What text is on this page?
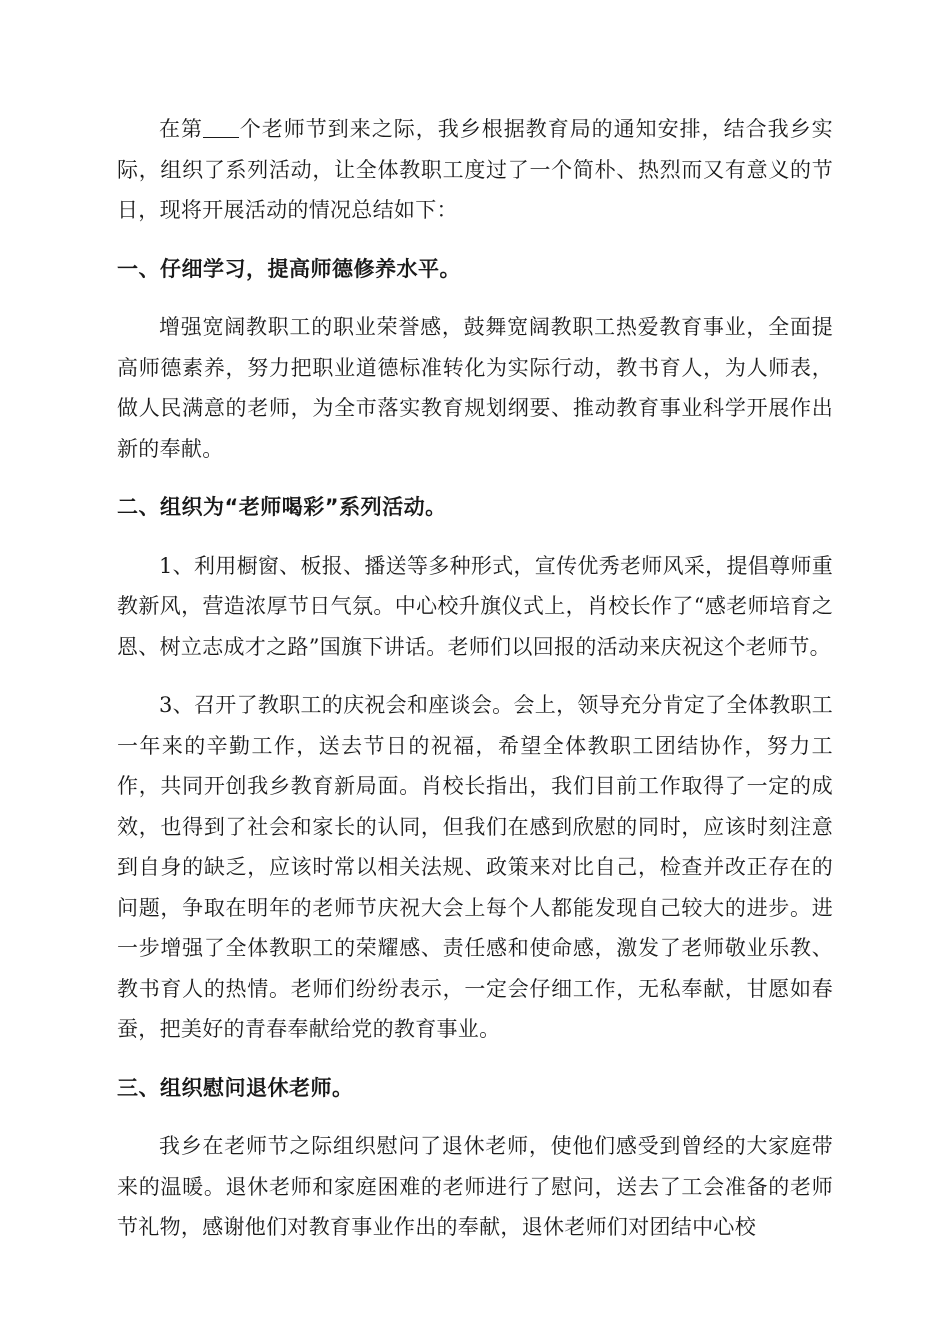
在第 个老师节到来之际，我乡根据教育局的通知安排，结合我乡实际，组织了系列活动，让全体教职工度过了一个简朴、热烈而又有意义的节日，现将开展活动的情况总结如下：

一、仔细学习，提高师德修养水平。

增强宽阔教职工的职业荣誉感，鼓舞宽阔教职工热爱教育事业，全面提高师德素养，努力把职业道德标准转化为实际行动，教书育人，为人师表，做人民满意的老师，为全市落实教育规划纲要、推动教育事业科学开展作出新的奉献。

二、组织为“老师喝彩”系列活动。

1、利用橱窗、板报、播送等多种形式，宣传优秀老师风采，提倡尊师重教新风，营造浓厚节日气氛。中心校升旗仪式上，肖校长作了“感老师培育之恩、树立志成才之路”国旗下讲话。老师们以回报的活动来庆祝这个老师节。

3、召开了教职工的庆祝会和座谈会。会上，领导充分肯定了全体教职工一年来的辛勤工作，送去节日的祝福，希望全体教职工团结协作，努力工作，共同开创我乡教育新局面。肖校长指出，我们目前工作取得了一定的成效，也得到了社会和家长的认同，但我们在感到欣慰的同时，应该时刻注意到自身的缺乏，应该时常以相关法规、政策来对比自己，检查并改正存在的问题，争取在明年的老师节庆祝大会上每个人都能发现自己较大的进步。进一步增强了全体教职工的荣耀感、责任感和使命感，激发了老师敬业乐教、教书育人的热情。老师们纷纷表示，一定会仔细工作，无私奉献，甘愿如春蚕，把美好的青春奉献给党的教育事业。

三、组织慰问退休老师。

我乡在老师节之际组织慰问了退休老师，使他们感受到曾经的大家庭带来的温暖。退休老师和家庭困难的老师进行了慰问，送去了工会准备的老师节礼物，感谢他们对教育事业作出的奉献，退休老师们对团结中心校
